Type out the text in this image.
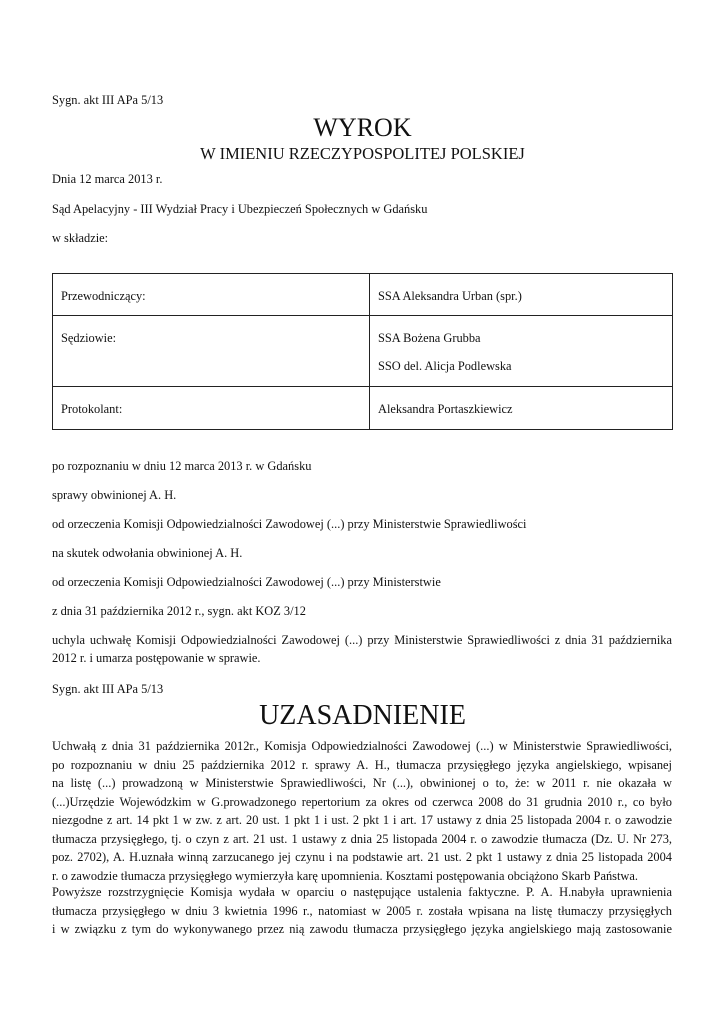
Sygn. akt III APa 5/13
WYROK
W IMIENIU RZECZYPOSPOLITEJ POLSKIEJ
Dnia 12 marca 2013 r.
Sąd Apelacyjny - III Wydział Pracy i Ubezpieczeń Społecznych w Gdańsku
w składzie:
Przewodniczący:	SSA Aleksandra Urban (spr.)

Sędziowie:	SSA Bożena Grubba
SSO del. Alicja Podlewska

Protokolant:	Aleksandra Portaszkiewicz
po rozpoznaniu w dniu 12 marca 2013 r. w Gdańsku
sprawy obwinionej A. H.
od orzeczenia Komisji Odpowiedzialności Zawodowej (...) przy Ministerstwie Sprawiedliwości
na skutek odwołania obwinionej A. H.
od orzeczenia Komisji Odpowiedzialności Zawodowej (...) przy Ministerstwie
z dnia 31 października 2012 r., sygn. akt KOZ 3/12
uchyla uchwałę Komisji Odpowiedzialności Zawodowej (...) przy Ministerstwie Sprawiedliwości z dnia 31 października
2012 r. i umarza postępowanie w sprawie.
Sygn. akt III APa 5/13
UZASADNIENIE
Uchwałą z dnia 31 października 2012r., Komisja Odpowiedzialności Zawodowej (...) w Ministerstwie Sprawiedliwości,
po rozpoznaniu w dniu 25 października 2012 r. sprawy A. H., tłumacza przysięgłego języka angielskiego, wpisanej
na listę (...) prowadzoną w Ministerstwie Sprawiedliwości, Nr (...), obwinionej o to, że: w 2011 r. nie okazała w
(...)Urzędzie Wojewódzkim w G.prowadzonego repertorium za okres od czerwca 2008 do 31 grudnia 2010 r., co było
niezgodne z art. 14 pkt 1 w zw. z art. 20 ust. 1 pkt 1 i ust. 2 pkt 1 i art. 17 ustawy z dnia 25 listopada 2004 r. o zawodzie
tłumacza przysięgłego, tj. o czyn z art. 21 ust. 1 ustawy z dnia 25 listopada 2004 r. o zawodzie tłumacza (Dz. U. Nr 273,
poz. 2702), A. H.uznała winną zarzucanego jej czynu i na podstawie art. 21 ust. 2 pkt 1 ustawy z dnia 25 listopada 2004
r. o zawodzie tłumacza przysięgłego wymierzyła karę upomnienia. Kosztami postępowania obciążono Skarb Państwa.
Powyższe rozstrzygnięcie Komisja wydała w oparciu o następujące ustalenia faktyczne. P. A. H.nabyła uprawnienia
tłumacza przysięgłego w dniu 3 kwietnia 1996 r., natomiast w 2005 r. została wpisana na listę tłumaczy przysięgłych
i w związku z tym do wykonywanego przez nią zawodu tłumacza przysięgłego języka angielskiego mają zastosowanie
